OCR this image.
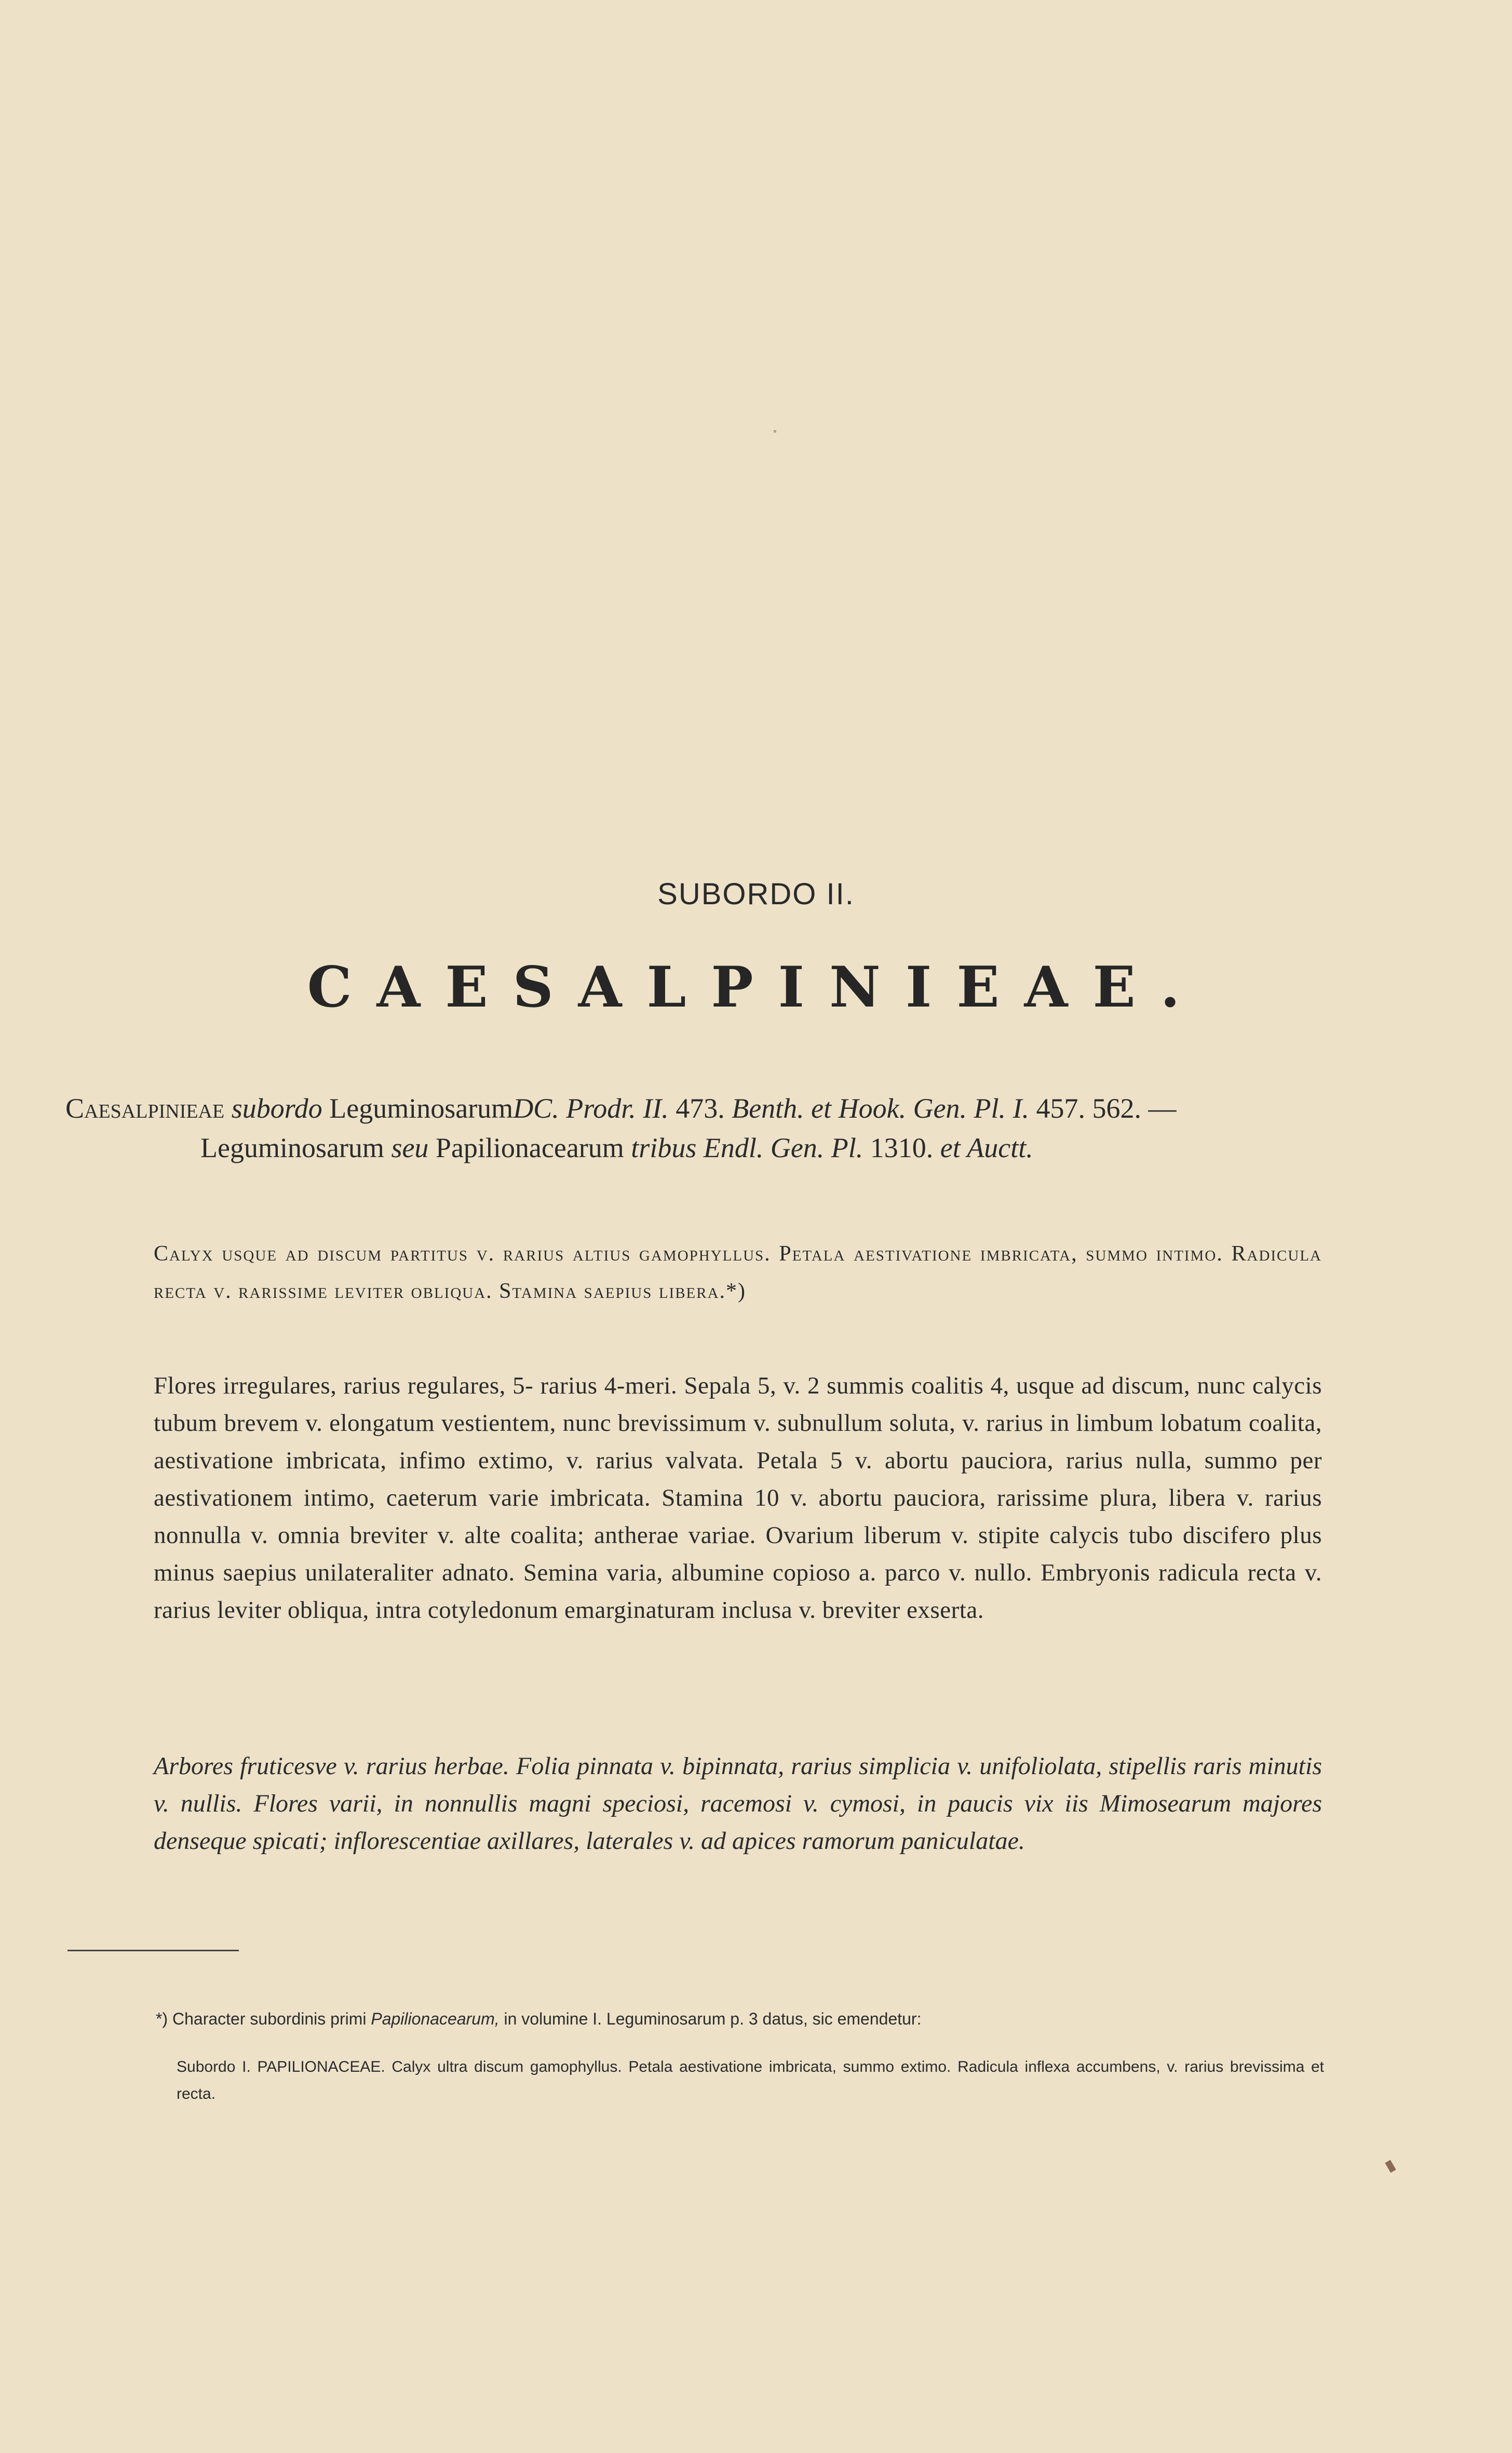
SUBORDO II.
CAESALPINIEAE.
Caesalpinieae subordo LeguminosarumDC. Prodr. II. 473. Benth. et Hook. Gen. Pl. I. 457. 562. —
Leguminosarum seu Papilionacearum tribus Endl. Gen. Pl. 1310. et Auctt.
Calyx usque ad discum partitus v. rarius altius gamophyllus. Petala aestivatione imbricata, summo intimo. Radicula recta v. rarissime leviter obliqua. Stamina saepius libera.*)
Flores irregulares, rarius regulares, 5- rarius 4-meri. Sepala 5, v. 2 summis coalitis 4, usque ad discum, nunc calycis tubum brevem v. elongatum vestientem, nunc brevissimum v. subnullum soluta, v. rarius in limbum lobatum coalita, aestivatione imbricata, infimo extimo, v. rarius valvata. Petala 5 v. abortu pauciora, rarius nulla, summo per aestivationem intimo, caeterum varie imbricata. Stamina 10 v. abortu pauciora, rarissime plura, libera v. rarius nonnulla v. omnia breviter v. alte coalita; antherae variae. Ovarium liberum v. stipite calycis tubo discifero plus minus saepius unilateraliter adnato. Semina varia, albumine copioso a. parco v. nullo. Embryonis radicula recta v. rarius leviter obliqua, intra cotyledonum emarginaturam inclusa v. breviter exserta.
Arbores fruticesve v. rarius herbae. Folia pinnata v. bipinnata, rarius simplicia v. unifoliolata, stipellis raris minutis v. nullis. Flores varii, in nonnullis magni speciosi, racemosi v. cymosi, in paucis vix iis Mimosearum majores denseque spicati; inflorescentiae axillares, laterales v. ad apices ramorum paniculatae.
*) Character subordinis primi Papilionacearum, in volumine I. Leguminosarum p. 3 datus, sic emendetur:
Subordo I. PAPILIONACEAE. Calyx ultra discum gamophyllus. Petala aestivatione imbricata, summo extimo. Radicula inflexa accumbens, v. rarius brevissima et recta.
